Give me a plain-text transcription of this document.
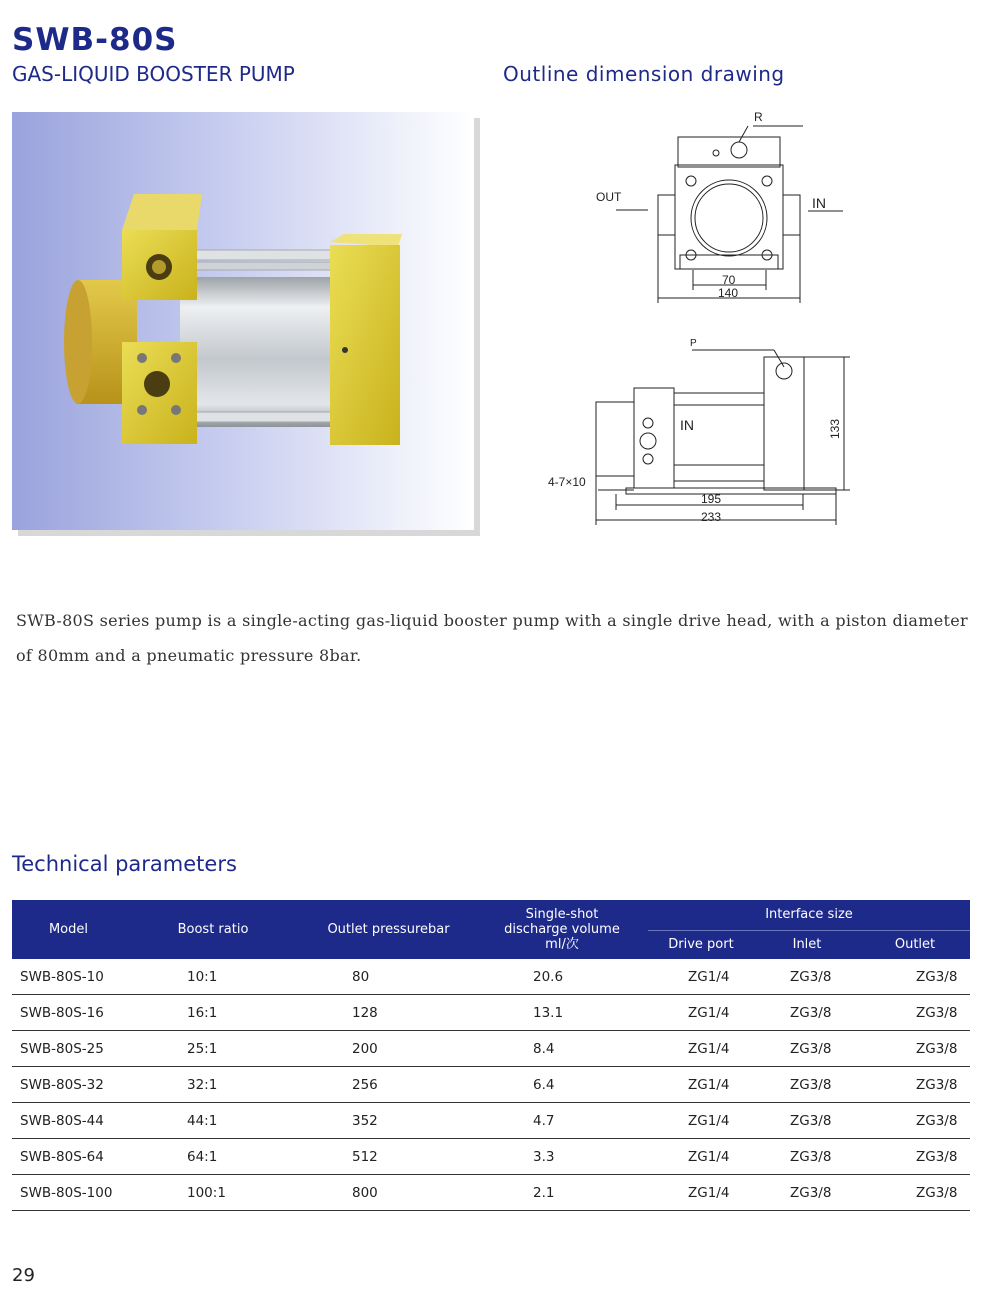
SWB-80S
GAS-LIQUID BOOSTER PUMP	Outline dimension drawing
R
OUT	IN
70
140
P
IN	133
4-7×10
195
233
SWB-80S series pump is a single-acting gas-liquid booster pump with a single drive head, with a piston diameter of 80mm and a pneumatic pressure 8bar.
Technical parameters
Model	Boost ratio	Outlet pressurebar	Single-shot
discharge volume
ml/次	Interface size		
				Drive port	Inlet	Outlet
SWB-80S-10	10:1	80	20.6	ZG1/4	ZG3/8	ZG3/8
SWB-80S-16	16:1	128	13.1	ZG1/4	ZG3/8	ZG3/8
SWB-80S-25	25:1	200	8.4	ZG1/4	ZG3/8	ZG3/8
SWB-80S-32	32:1	256	6.4	ZG1/4	ZG3/8	ZG3/8
SWB-80S-44	44:1	352	4.7	ZG1/4	ZG3/8	ZG3/8
SWB-80S-64	64:1	512	3.3	ZG1/4	ZG3/8	ZG3/8
SWB-80S-100	100:1	800	2.1	ZG1/4	ZG3/8	ZG3/8
29
